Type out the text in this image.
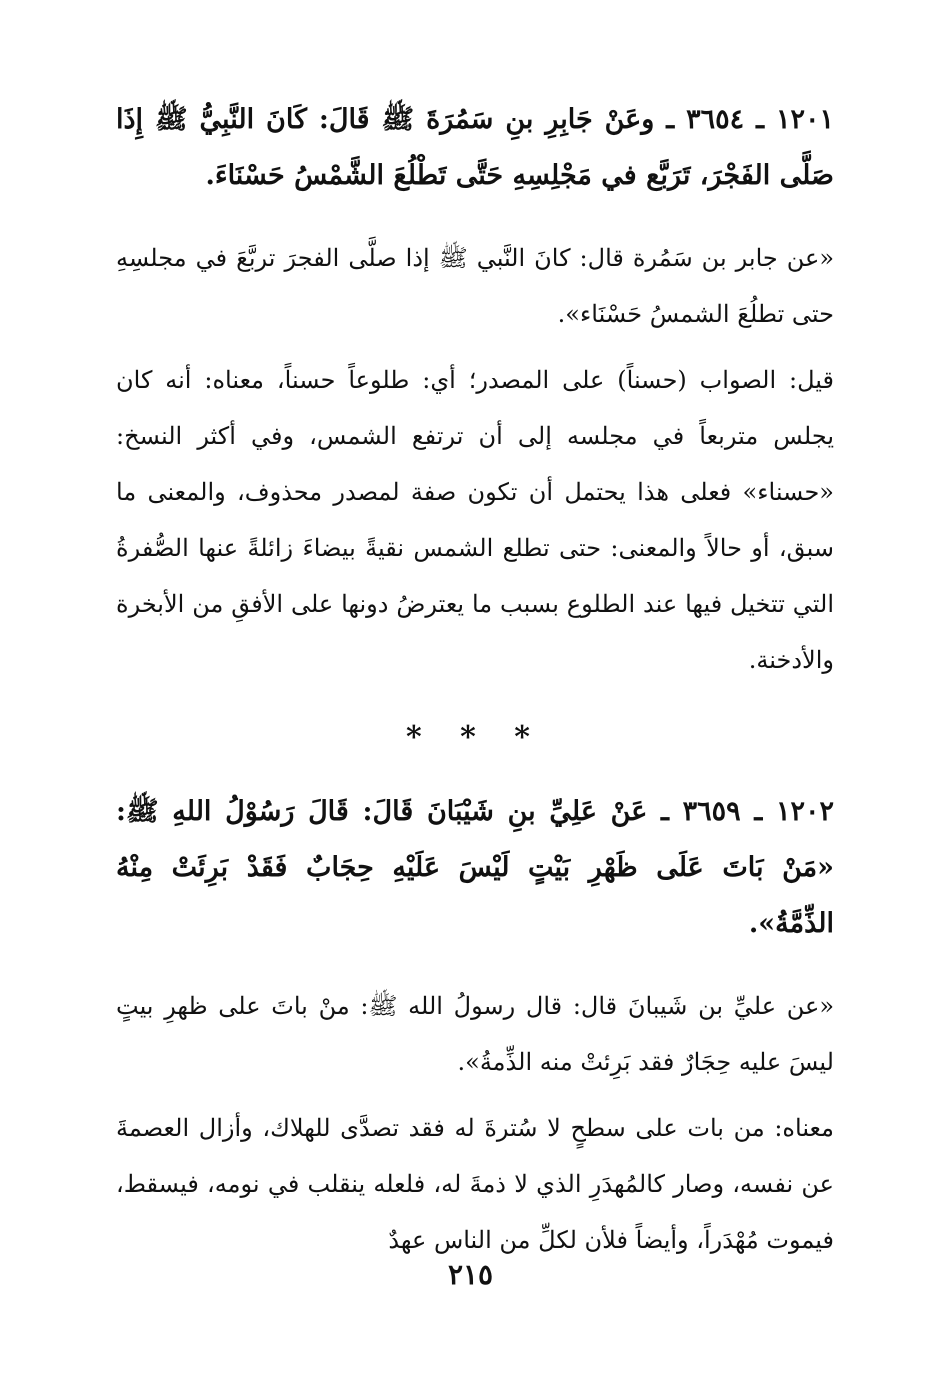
١٢٠١ ـ ٣٦٥٤ ـ وعَنْ جَابِرِ بنِ سَمُرَةَ ﷺ قَالَ: كَانَ النَّبِيُّ ﷺ إِذَا صَلَّى الفَجْرَ، تَرَبَّع في مَجْلِسِهِ حَتَّى تَطْلُعَ الشَّمْسُ حَسْنَاءَ.

«عن جابر بن سَمُرة قال: كانَ النَّبي ﷺ إذا صلَّى الفجرَ تربَّعَ في مجلسِهِ حتى تطلُعَ الشمسُ حَسْنَاء».

قيل: الصواب (حسناً) على المصدر؛ أي: طلوعاً حسناً، معناه: أنه كان يجلس متربعاً في مجلسه إلى أن ترتفع الشمس، وفي أكثر النسخ: «حسناء» فعلى هذا يحتمل أن تكون صفة لمصدر محذوف، والمعنى ما سبق، أو حالاً والمعنى: حتى تطلع الشمس نقيةً بيضاءَ زائلةً عنها الصُّفرةُ التي تتخيل فيها عند الطلوع بسبب ما يعترضُ دونها على الأفقِ من الأبخرة والأدخنة.

* * *

١٢٠٢ ـ ٣٦٥٩ ـ عَنْ عَلِيِّ بنِ شَيْبَانَ قَالَ: قَالَ رَسُوْلُ اللهِ ﷺ: «مَنْ بَاتَ عَلَى ظَهْرِ بَيْتٍ لَيْسَ عَلَيْهِ حِجَابٌ فَقَدْ بَرِئَتْ مِنْهُ الذِّمَّةُ».

«عن عليِّ بن شَيبانَ قال: قال رسولُ الله ﷺ: منْ باتَ على ظهرِ بيتٍ ليسَ عليه حِجَارٌ فقد بَرِئتْ منه الذِّمةُ».

معناه: من بات على سطحٍ لا سُترةَ له فقد تصدَّى للهلاك، وأزال العصمةَ عن نفسه، وصار كالمُهدَرِ الذي لا ذمةَ له، فلعله ينقلب في نومه، فيسقط، فيموت مُهْدَراً، وأيضاً فلأن لكلِّ من الناس عهدٌ

٢١٥
